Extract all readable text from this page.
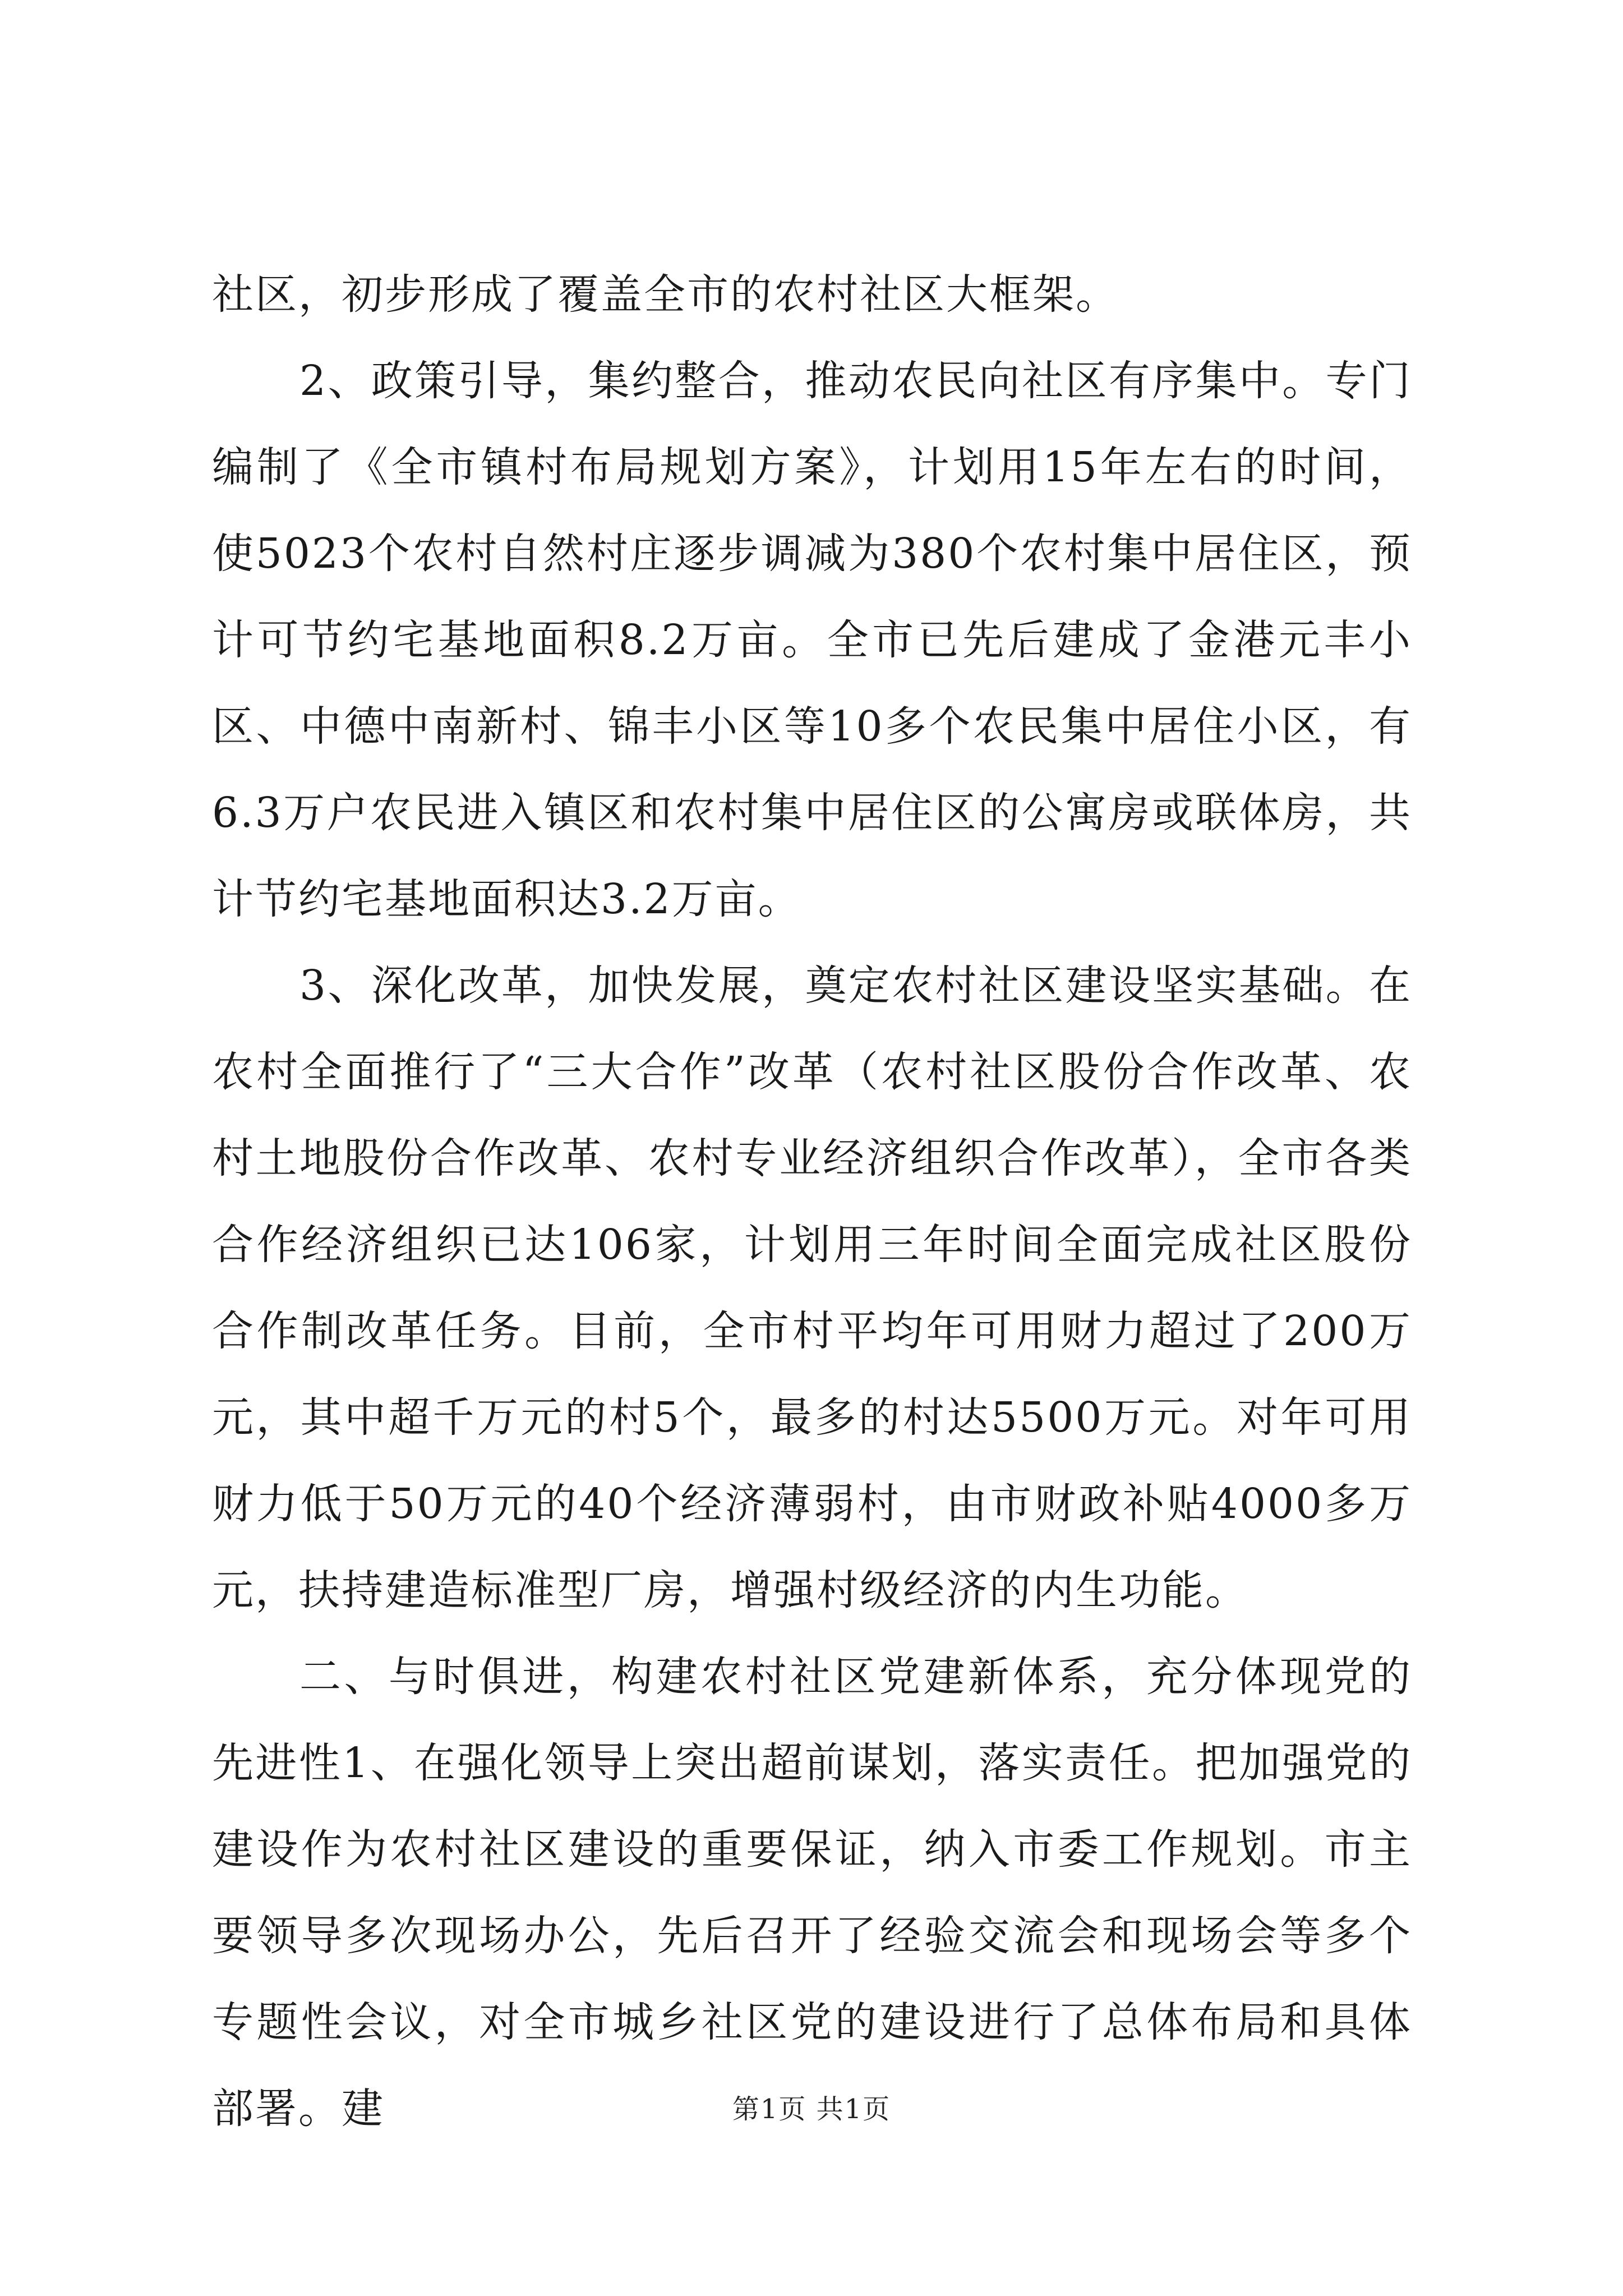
社区，初步形成了覆盖全市的农村社区大框架。

2、政策引导，集约整合，推动农民向社区有序集中。专门编制了《全市镇村布局规划方案》，计划用15年左右的时间，使5023个农村自然村庄逐步调减为380个农村集中居住区，预计可节约宅基地面积8.2万亩。全市已先后建成了金港元丰小区、中德中南新村、锦丰小区等10多个农民集中居住小区，有6.3万户农民进入镇区和农村集中居住区的公寓房或联体房，共计节约宅基地面积达3.2万亩。

3、深化改革，加快发展，奠定农村社区建设坚实基础。在农村全面推行了“三大合作”改革（农村社区股份合作改革、农村土地股份合作改革、农村专业经济组织合作改革），全市各类合作经济组织已达106家，计划用三年时间全面完成社区股份合作制改革任务。目前，全市村平均年可用财力超过了200万元，其中超千万元的村5个，最多的村达5500万元。对年可用财力低于50万元的40个经济薄弱村，由市财政补贴4000多万元，扶持建造标准型厂房，增强村级经济的内生功能。

二、与时俱进，构建农村社区党建新体系，充分体现党的先进性1、在强化领导上突出超前谋划，落实责任。把加强党的建设作为农村社区建设的重要保证，纳入市委工作规划。市主要领导多次现场办公，先后召开了经验交流会和现场会等多个专题性会议，对全市城乡社区党的建设进行了总体布局和具体部署。建	第1页 共1页
